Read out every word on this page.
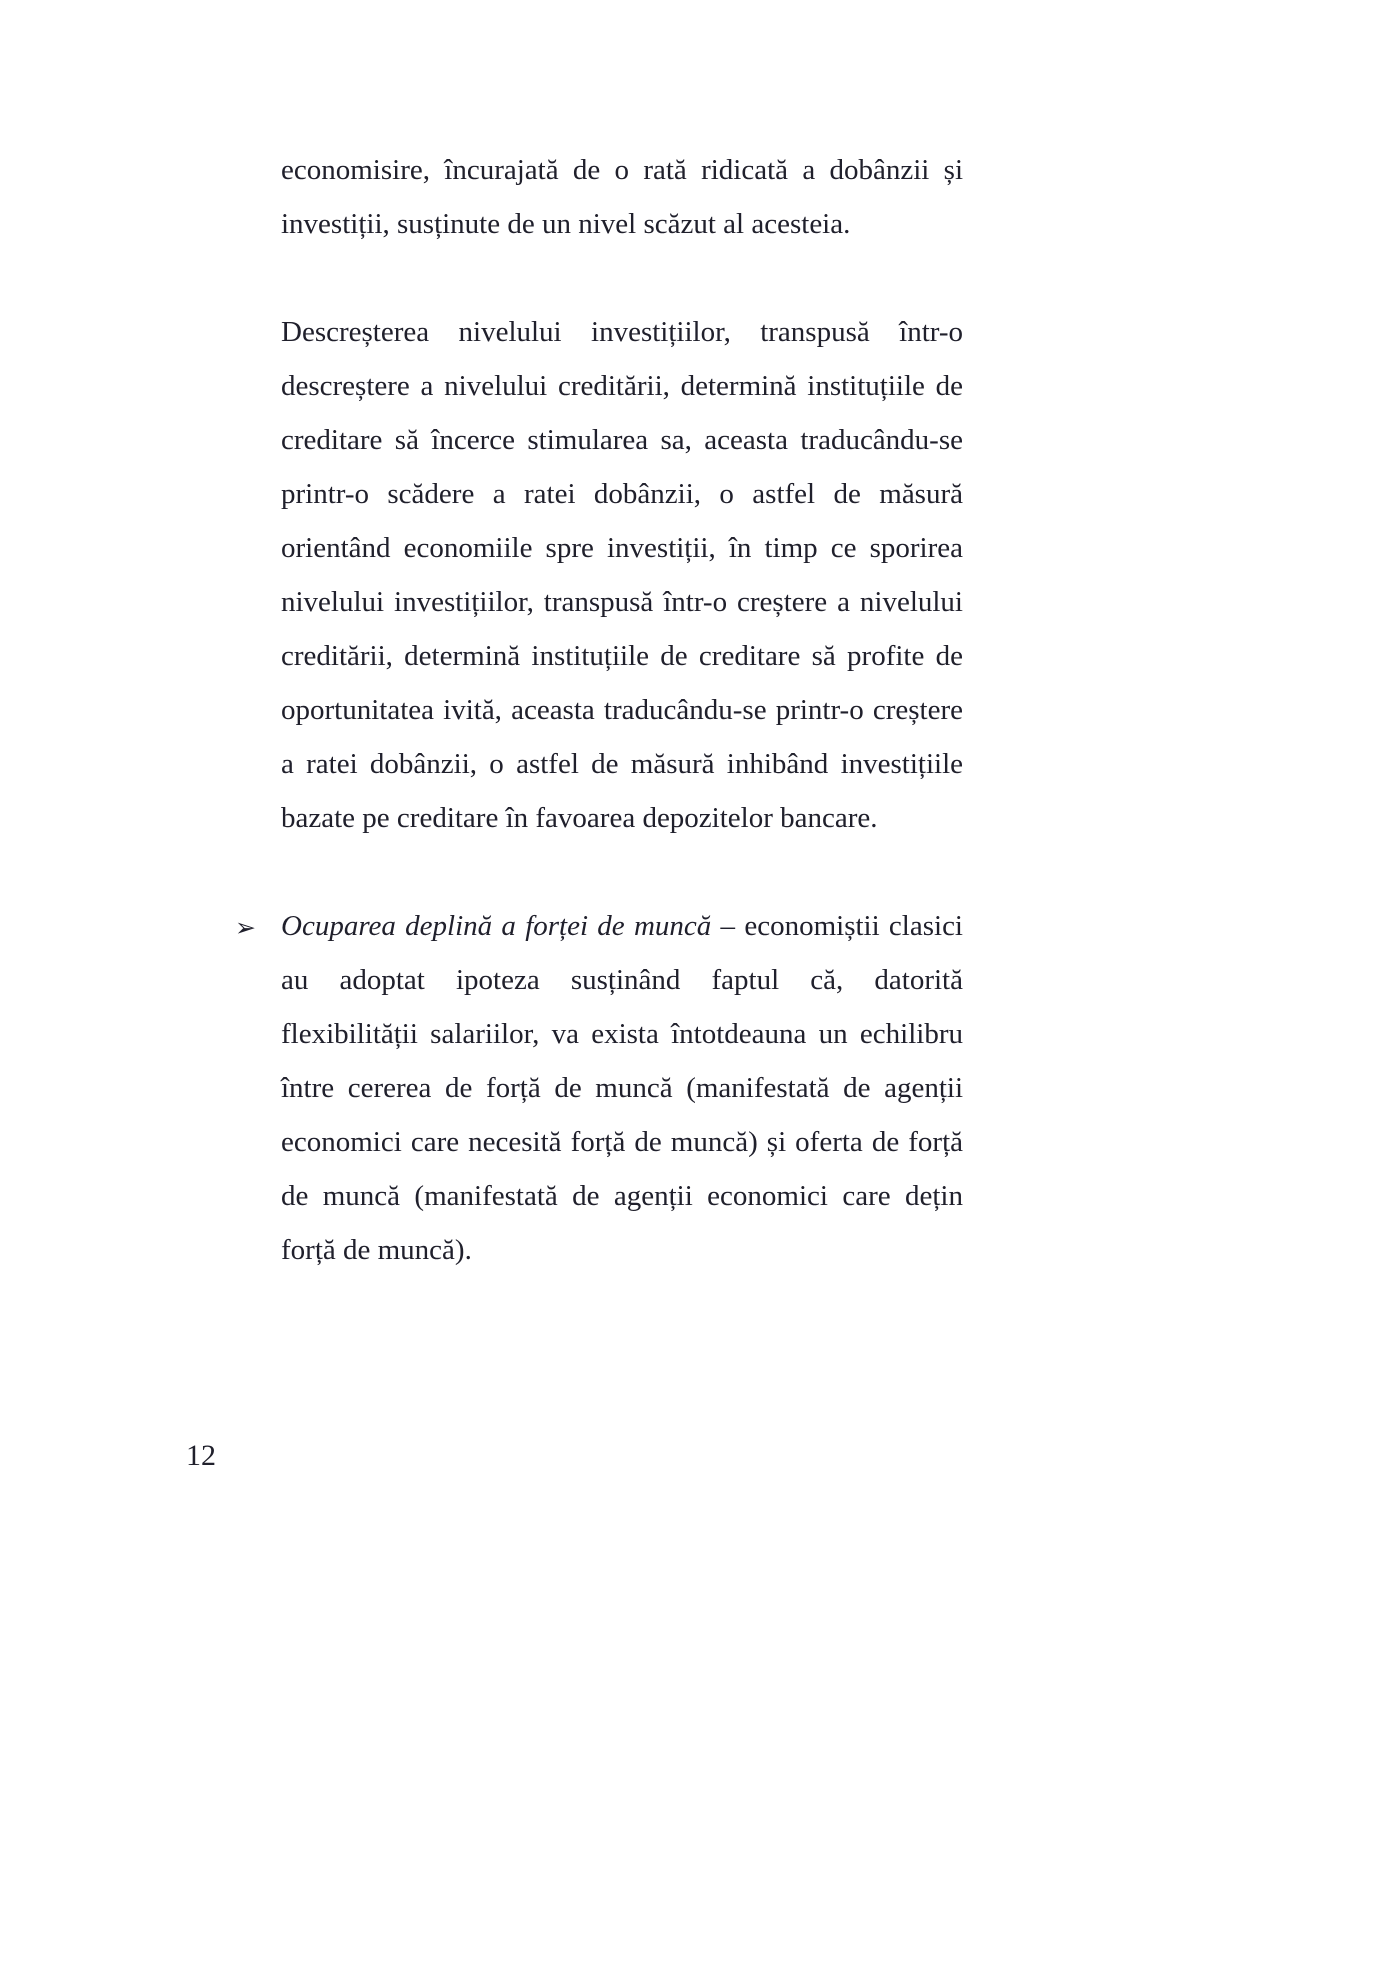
economisire, încurajată de o rată ridicată a dobânzii și investiții, susținute de un nivel scăzut al acesteia.

Descreșterea nivelului investițiilor, transpusă într-o descreștere a nivelului creditării, determină instituțiile de creditare să încerce stimularea sa, aceasta traducându-se printr-o scădere a ratei dobânzii, o astfel de măsură orientând economiile spre investiții, în timp ce sporirea nivelului investițiilor, transpusă într-o creștere a nivelului creditării, determină instituțiile de creditare să profite de oportunitatea ivită, aceasta traducându-se printr-o creștere a ratei dobânzii, o astfel de măsură inhibând investițiile bazate pe creditare în favoarea depozitelor bancare.

➢ Ocuparea deplină a forței de muncă – economiștii clasici au adoptat ipoteza susținând faptul că, datorită flexibilității salariilor, va exista întotdeauna un echilibru între cererea de forță de muncă (manifestată de agenții economici care necesită forță de muncă) și oferta de forță de muncă (manifestată de agenții economici care dețin forță de muncă).
12
